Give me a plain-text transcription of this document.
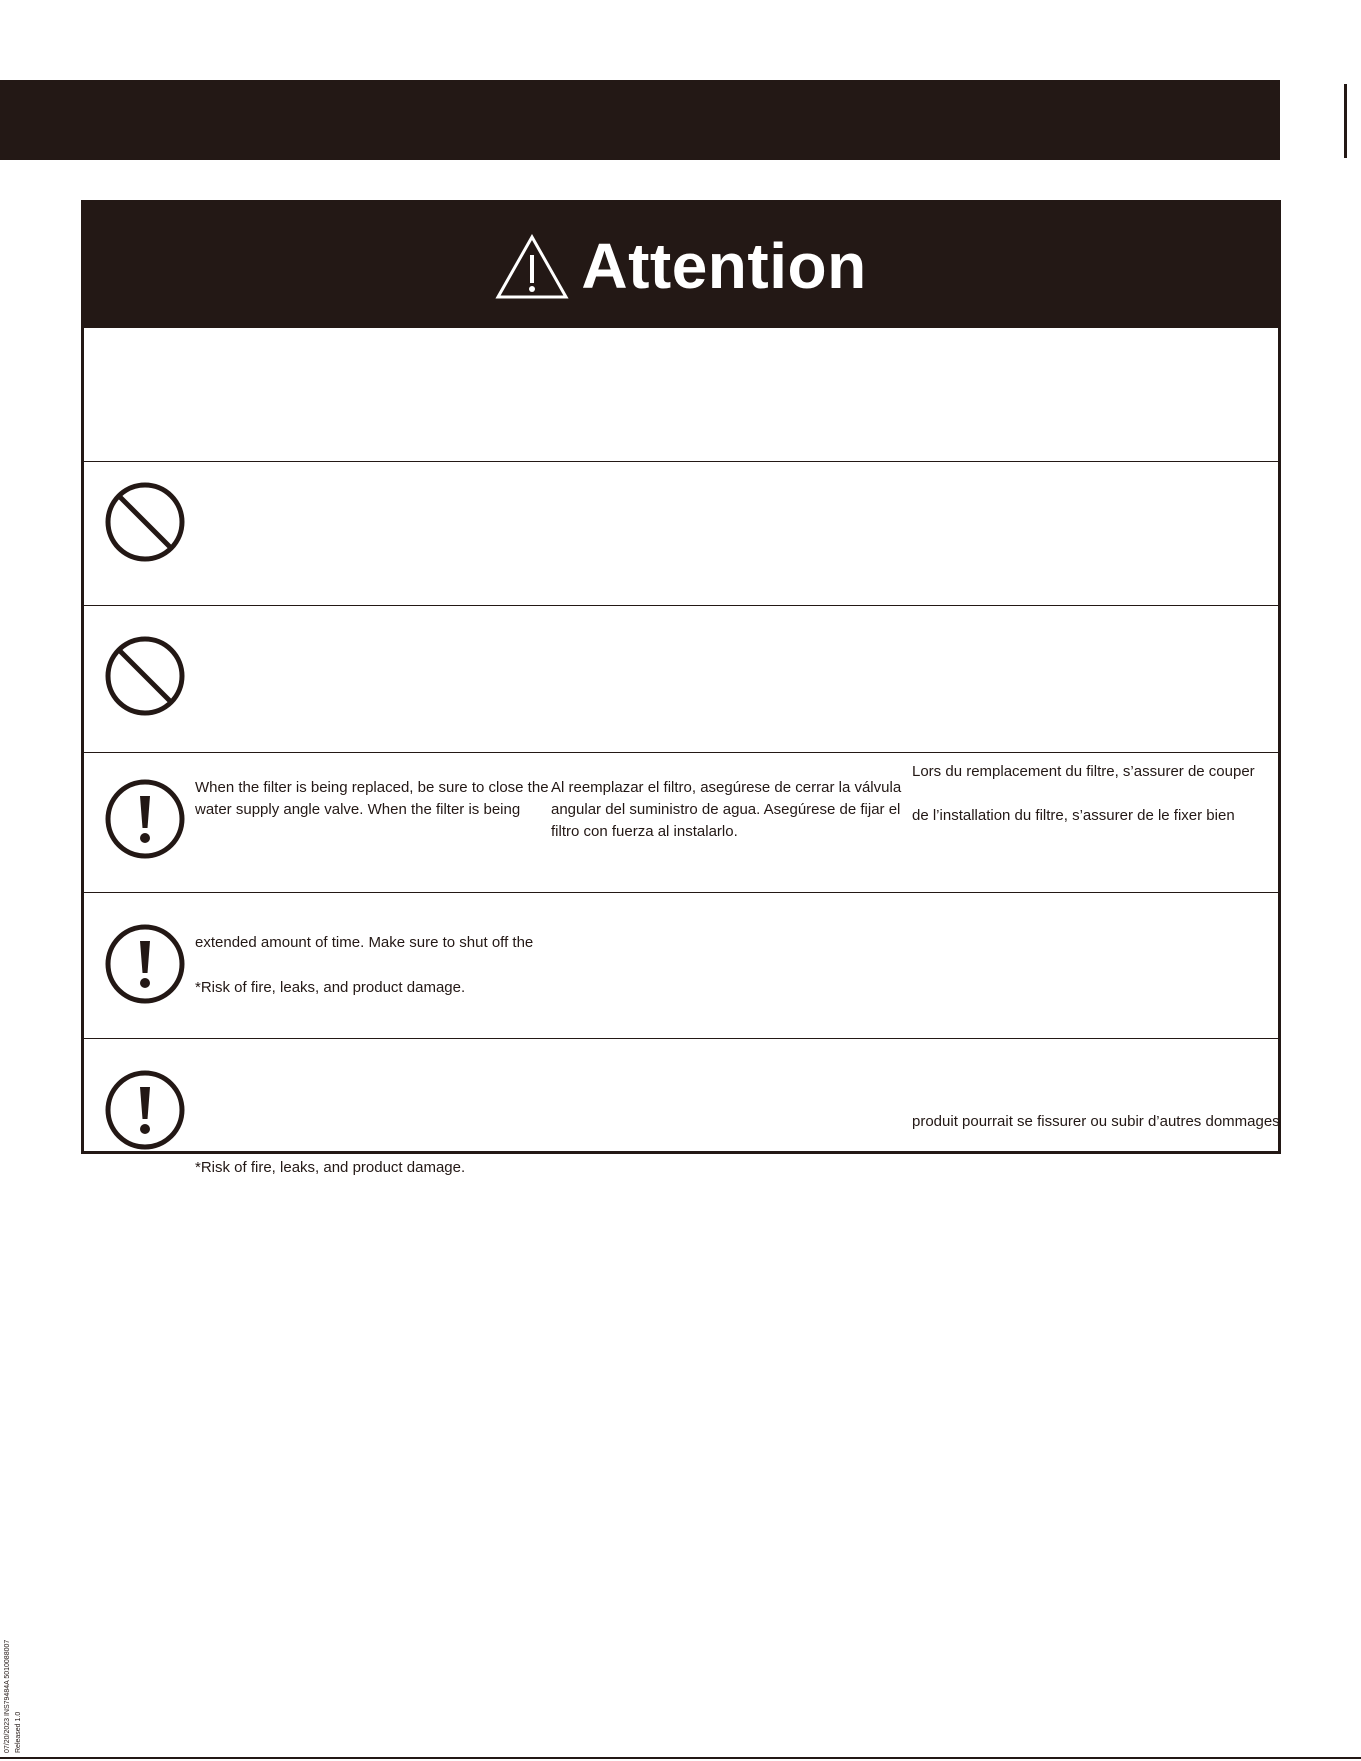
Attention
When the filter is being replaced, be sure to close the
water supply angle valve. When the filter is being
Al reemplazar el filtro, asegúrese de cerrar la válvula
angular del suministro de agua. Asegúrese de fijar el
filtro con fuerza al instalarlo.
Lors du remplacement du filtre, s’assurer de couper
de l’installation du filtre, s’assurer de le fixer bien
extended amount of time. Make sure to shut off the
*Risk of fire, leaks, and product damage.
produit pourrait se fissurer ou subir d’autres dommages
*Risk of fire, leaks, and product damage.
07/20/2023 INS79484A 5010088007 Released 1.0
